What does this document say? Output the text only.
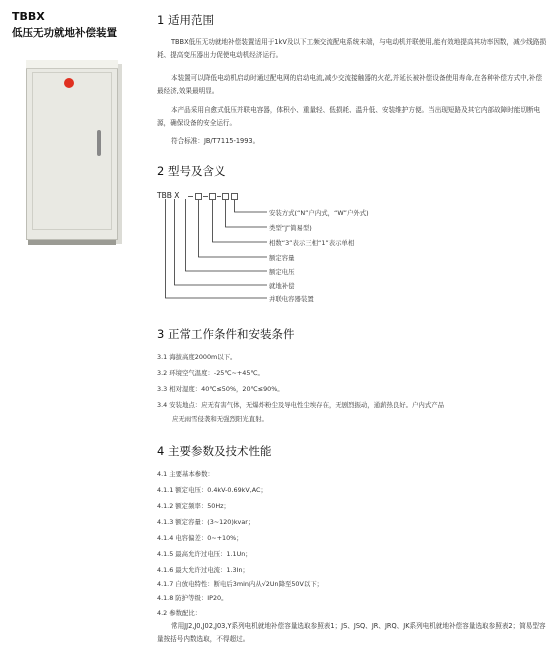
TBBX
低压无功就地补偿装置
1 适用范围
TBBX低压无功就地补偿装置适用于1kV及以下工频交流配电系统末端，与电动机并联使用,能有效地提高其功率因数，减少线路损耗、提高变压器出力促使电动机经济运行。
本装置可以降低电动机启动时通过配电网的启动电流,减少交流接触器的火花,并延长被补偿设备使用寿命,在各种补偿方式中,补偿最经济,效果最明显。
本产品采用自愈式低压并联电容器，体积小、重量轻、低损耗、温升低、安装维护方便。当出现短路及其它内部故障时能切断电源，确保设备的安全运行。
符合标准：JB/T7115-1993。
2 型号及含义
TBB X
安装方式(“N”户内式，“W”户外式)
类型“J”简易型)
相数“3”表示三相“1”表示单相
额定容量
额定电压
就地补偿
并联电容器装置
3 正常工作条件和安装条件
3.1 海拔高度2000m以下。
3.2 环境空气温度：-25℃~+45℃。
3.3 相对湿度：40℃≤50%，20℃≤90%。
3.4 安装地点：应无有害气体，无爆炸粉尘及导电性尘埃存在，无剧烈振动，通薪热良好。户内式产品
应无雨雪侵袭和无强烈阳光直射。
4 主要参数及技术性能
4.1 主要基本参数：
4.1.1 额定电压：0.4kV-0.69kV,AC；
4.1.2 额定频率：50Hz；
4.1.3 额定容量：(3~120)kvar；
4.1.4 电容偏差：0~+10%；
4.1.5 最高允许过电压：1.1Un；
4.1.6 最大允许过电流：1.3In；
4.1.7 自放电特性：断电后3min内从√2Un降至50V以下；
4.1.8 防护等级：IP20。
4.2 参数配比：
常用JJ2,J0,J02,J03,Y系列电机就地补偿容量选取参照表1；JS、JSQ、JR、JRQ、JK系列电机就地补偿容量选取参照表2；简易型容量按括号内数选取，不得超过。
